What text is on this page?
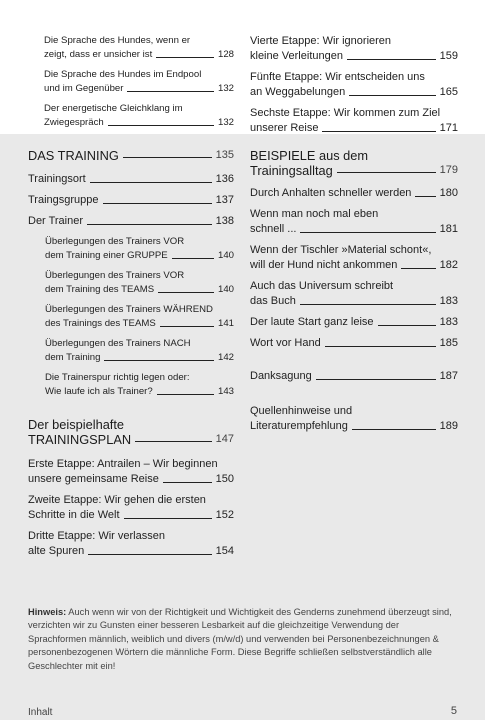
Die Sprache des Hundes, wenn er
zeigt, dass er unsicher ist	128
Die Sprache des Hundes im Endpool
und im Gegenüber	132
Der energetische Gleichklang im
Zwiegespräch	132
Vierte Etappe: Wir ignorieren
kleine Verleitungen	159
Fünfte Etappe: Wir entscheiden uns
an Weggabelungen	165
Sechste Etappe: Wir kommen zum Ziel
unserer Reise	171
DAS TRAINING	135
Trainingsort	136
Traingsgruppe	137
Der Trainer	138
Überlegungen des Trainers VOR
dem Training einer GRUPPE	140
Überlegungen des Trainers VOR
dem Training des TEAMS	140
Überlegungen des Trainers WÄHREND
des Trainings des TEAMS	141
Überlegungen des Trainers NACH
dem Training	142
Die Trainerspur richtig legen oder:
Wie laufe ich als Trainer?	143
Der beispielhafte
TRAININGSPLAN	147
Erste Etappe: Antrailen – Wir beginnen
unsere gemeinsame Reise	150
Zweite Etappe: Wir gehen die ersten
Schritte in die Welt	152
Dritte Etappe: Wir verlassen
alte Spuren	154
BEISPIELE aus dem
Trainingsalltag	179
Durch Anhalten schneller werden	180
Wenn man noch mal eben
schnell ...	181
Wenn der Tischler »Material schont«,
will der Hund nicht ankommen	182
Auch das Universum schreibt
das Buch	183
Der laute Start ganz leise	183
Wort vor Hand	185
Danksagung	187
Quellenhinweise und
Literaturempfehlung	189
Hinweis: Auch wenn wir von der Richtigkeit und Wichtigkeit des Genderns zunehmend überzeugt sind, verzichten wir zu Gunsten einer besseren Lesbarkeit auf die gleichzeitige Verwendung der Sprachformen männlich, weiblich und divers (m/w/d) und verwenden bei Personenbezeichnungen & personenbezogenen Wörtern die männliche Form. Diese Begriffe schließen selbstverständlich alle Geschlechter mit ein!
Inhalt	5
